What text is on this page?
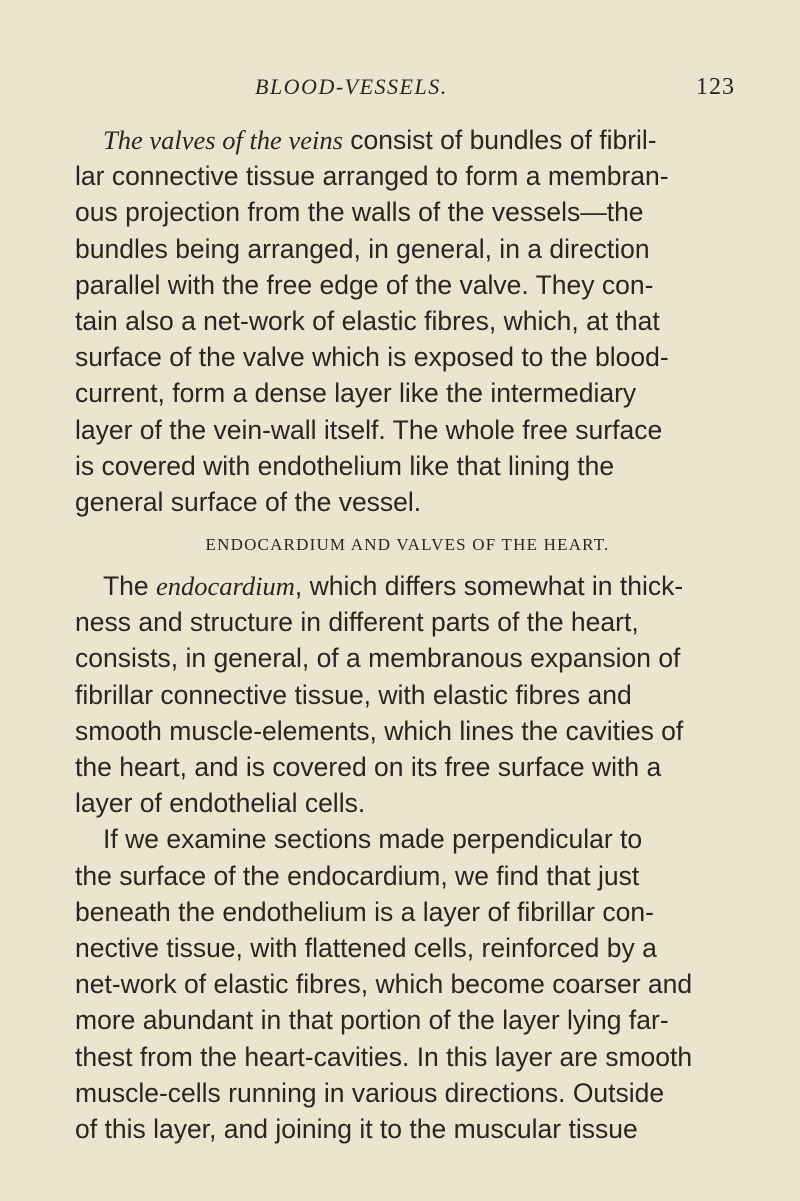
BLOOD-VESSELS.	123
The valves of the veins consist of bundles of fibril-
lar connective tissue arranged to form a membran-
ous projection from the walls of the vessels—the
bundles being arranged, in general, in a direction
parallel with the free edge of the valve. They con-
tain also a net-work of elastic fibres, which, at that
surface of the valve which is exposed to the blood-
current, form a dense layer like the intermediary
layer of the vein-wall itself. The whole free surface
is covered with endothelium like that lining the
general surface of the vessel.
ENDOCARDIUM AND VALVES OF THE HEART.
The endocardium, which differs somewhat in thick-
ness and structure in different parts of the heart,
consists, in general, of a membranous expansion of
fibrillar connective tissue, with elastic fibres and
smooth muscle-elements, which lines the cavities of
the heart, and is covered on its free surface with a
layer of endothelial cells.
If we examine sections made perpendicular to
the surface of the endocardium, we find that just
beneath the endothelium is a layer of fibrillar con-
nective tissue, with flattened cells, reinforced by a
net-work of elastic fibres, which become coarser and
more abundant in that portion of the layer lying far-
thest from the heart-cavities. In this layer are smooth
muscle-cells running in various directions. Outside
of this layer, and joining it to the muscular tissue
